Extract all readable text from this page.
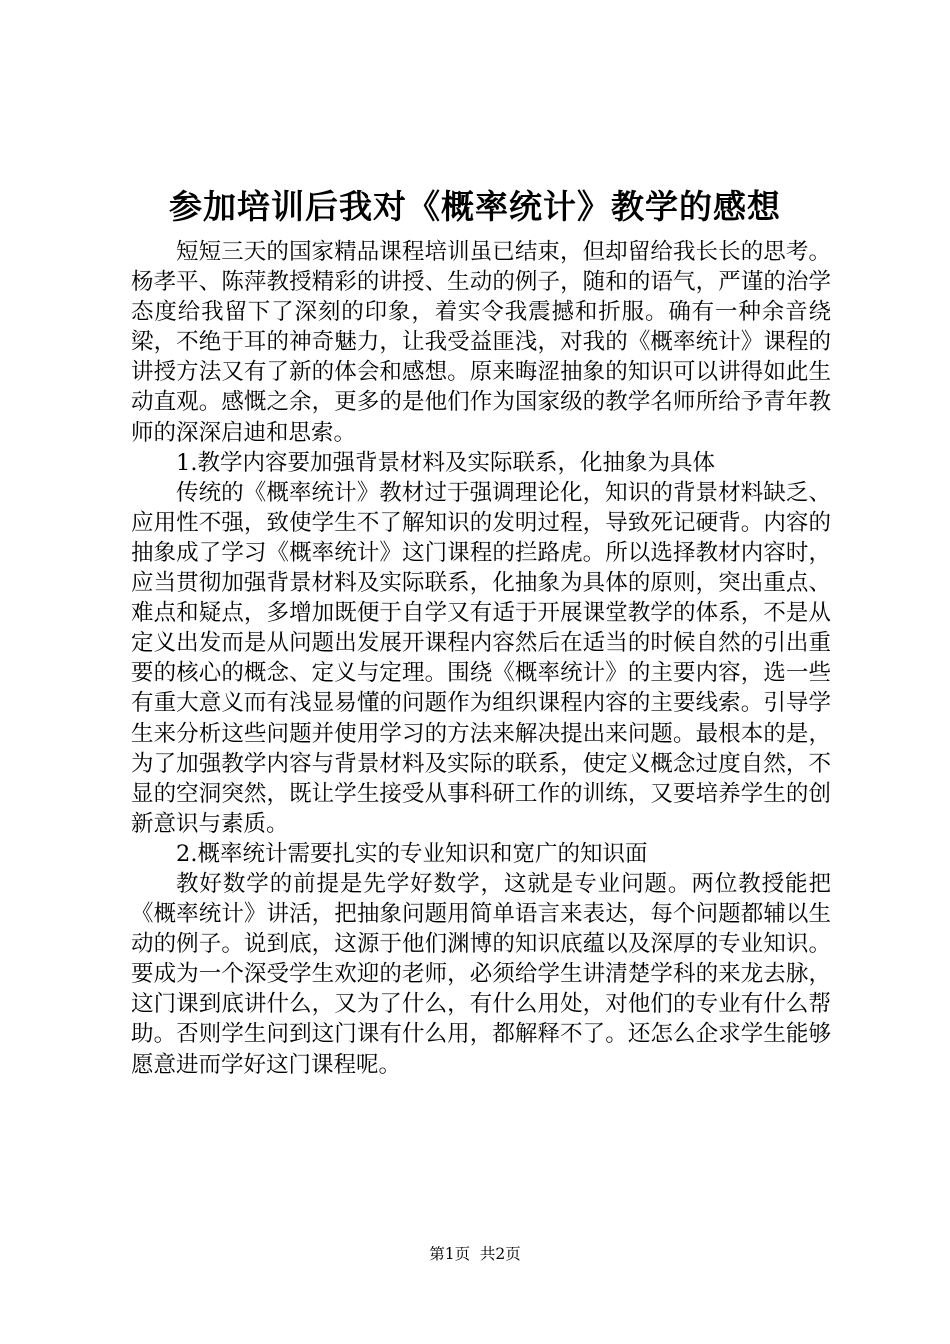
参加培训后我对《概率统计》教学的感想

短短三天的国家精品课程培训虽已结束，但却留给我长长的思考。杨孝平、陈萍教授精彩的讲授、生动的例子，随和的语气，严谨的治学态度给我留下了深刻的印象，着实令我震撼和折服。确有一种余音绕梁，不绝于耳的神奇魅力，让我受益匪浅，对我的《概率统计》课程的讲授方法又有了新的体会和感想。原来晦涩抽象的知识可以讲得如此生动直观。感慨之余，更多的是他们作为国家级的教学名师所给予青年教师的深深启迪和思索。

1.教学内容要加强背景材料及实际联系，化抽象为具体

传统的《概率统计》教材过于强调理论化，知识的背景材料缺乏、应用性不强，致使学生不了解知识的发明过程，导致死记硬背。内容的抽象成了学习《概率统计》这门课程的拦路虎。所以选择教材内容时，应当贯彻加强背景材料及实际联系，化抽象为具体的原则，突出重点、难点和疑点，多增加既便于自学又有适于开展课堂教学的体系，不是从定义出发而是从问题出发展开课程内容然后在适当的时候自然的引出重要的核心的概念、定义与定理。围绕《概率统计》的主要内容，选一些有重大意义而有浅显易懂的问题作为组织课程内容的主要线索。引导学生来分析这些问题并使用学习的方法来解决提出来问题。最根本的是，为了加强教学内容与背景材料及实际的联系，使定义概念过度自然，不显的空洞突然，既让学生接受从事科研工作的训练，又要培养学生的创新意识与素质。

2.概率统计需要扎实的专业知识和宽广的知识面

教好数学的前提是先学好数学，这就是专业问题。两位教授能把《概率统计》讲活，把抽象问题用简单语言来表达，每个问题都辅以生动的例子。说到底，这源于他们渊博的知识底蕴以及深厚的专业知识。要成为一个深受学生欢迎的老师，必须给学生讲清楚学科的来龙去脉，这门课到底讲什么，又为了什么，有什么用处，对他们的专业有什么帮助。否则学生问到这门课有什么用，都解释不了。还怎么企求学生能够愿意进而学好这门课程呢。

第1页  共2页
